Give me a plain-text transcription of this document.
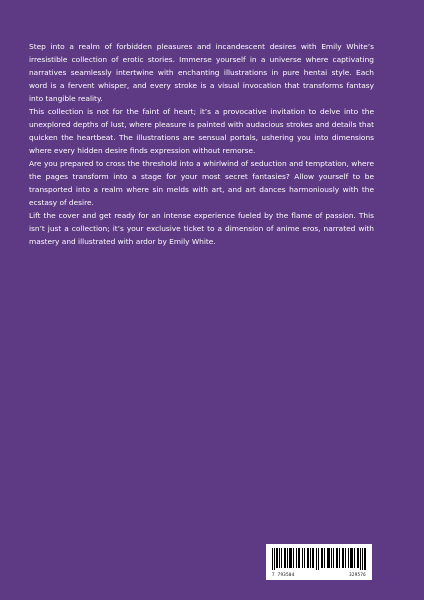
Step into a realm of forbidden pleasures and incandescent desires with Emily White’s irresistible collection of erotic stories. Immerse yourself in a universe where captivating narratives seamlessly intertwine with enchanting illustrations in pure hentai style. Each word is a fervent whisper, and every stroke is a visual invocation that transforms fantasy into tangible reality.

This collection is not for the faint of heart; it’s a provocative invitation to delve into the unexplored depths of lust, where pleasure is painted with audacious strokes and details that quicken the heartbeat. The illustrations are sensual portals, ushering you into dimensions where every hidden desire finds expression without remorse.

Are you prepared to cross the threshold into a whirlwind of seduction and temptation, where the pages transform into a stage for your most secret fantasies? Allow yourself to be transported into a realm where sin melds with art, and art dances harmoniously with the ecstasy of desire.

Lift the cover and get ready for an intense experience fueled by the flame of passion. This isn’t just a collection; it’s your exclusive ticket to a dimension of anime eros, narrated with mastery and illustrated with ardor by Emily White.

7 793504	329576
